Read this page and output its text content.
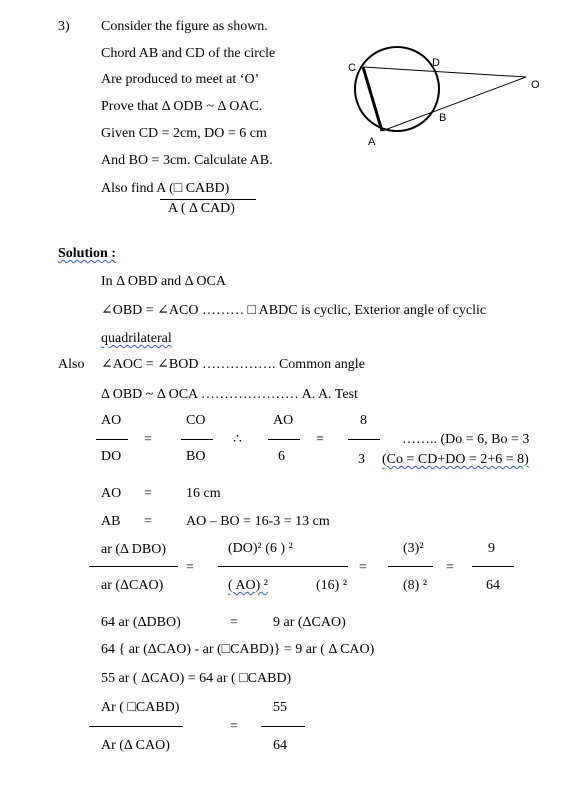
3) Consider the figure as shown.
Chord AB and CD of the circle
Are produced to meet at ‘O’
Prove that Δ ODB ~ Δ OAC.
Given CD = 2cm, DO = 6 cm
And BO = 3cm. Calculate AB.
Also find A (□ CABD)
A ( Δ CAD)
C	D
O
B
A
Solution :
In Δ OBD and Δ OCA
∠OBD = ∠ACO ……… □ ABDC is cyclic, Exterior angle of cyclic
quadrilateral
Also ∠AOC = ∠BOD ……………. Common angle
Δ OBD ~ Δ OCA ………………… A. A. Test
AO
DO
=
CO
BO
∴
AO
6
=
8
3
…….. (Do = 6, Bo = 3
(Co = CD+DO = 2+6 = 8)
AO = 16 cm
AB = AO – BO = 16-3 = 13 cm
ar (Δ DBO)
ar (ΔCAO)
=
(DO)² (6 ) ²
( AO) ²	(16) ²
=
(3)²
(8) ²
=
9
64
64 ar (ΔDBO)	=	9 ar (ΔCAO)
64 { ar (ΔCAO) - ar (□CABD)} = 9 ar ( Δ CAO)
55 ar ( ΔCAO) = 64 ar ( □CABD)
Ar ( □CABD)
Ar (Δ CAO)
=
55
64
